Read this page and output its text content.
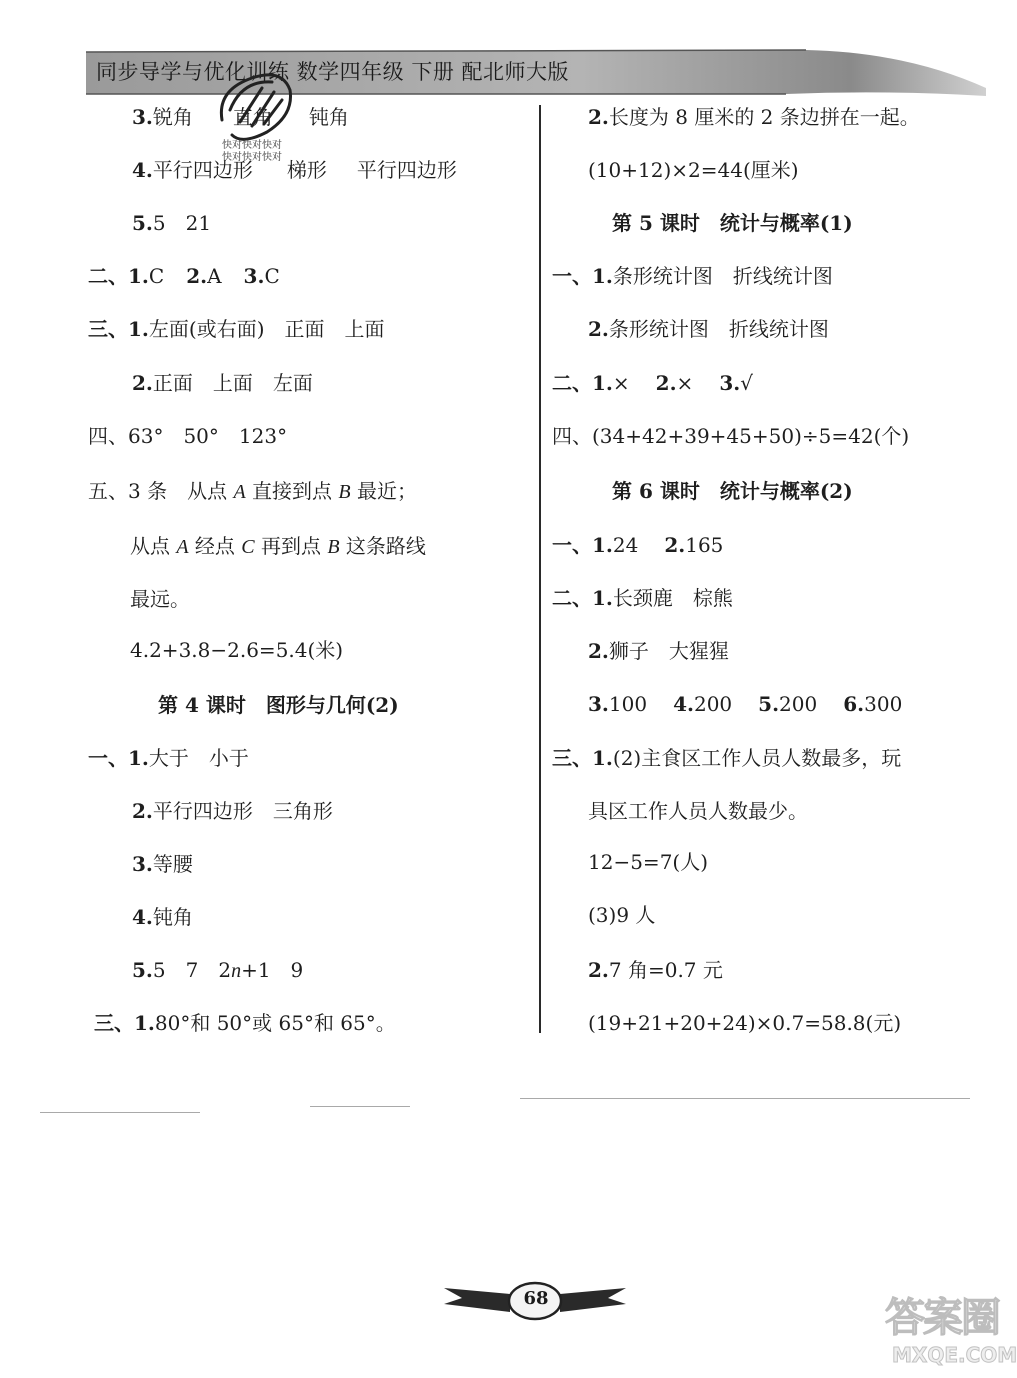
同步导学与优化训练 数学四年级 下册 配北师大版
快对快对快对
快对快对快对
3.锐角 直角 钝角
4.平行四边形 梯形 平行四边形
5.5　21
二、1.C 2.A 3.C
三、1.左面(或右面)　正面　上面
2.正面　上面　左面
四、63°　50°　123°
五、3 条　从点 A 直接到点 B 最近；
从点 A 经点 C 再到点 B 这条路线
最远。
4.2+3.8−2.6=5.4(米)
第 4 课时　图形与几何(2)
一、1.大于　小于
2.平行四边形　三角形
3.等腰
4.钝角
5.5　7　2n+1　9
三、1.80°和 50°或 65°和 65°。
2.长度为 8 厘米的 2 条边拼在一起。
(10+12)×2=44(厘米)
第 5 课时　统计与概率(1)
一、1.条形统计图　折线统计图
2.条形统计图　折线统计图
二、1.× 2.× 3.√
四、(34+42+39+45+50)÷5=42(个)
第 6 课时　统计与概率(2)
一、1.24 2.165
二、1.长颈鹿　棕熊
2.狮子　大猩猩
3.100 4.200 5.200 6.300
三、1.(2)主食区工作人员人数最多，玩
具区工作人员人数最少。
12−5=7(人)
(3)9 人
2.7 角=0.7 元
(19+21+20+24)×0.7=58.8(元)
68	答案圈
MXQE.COM
